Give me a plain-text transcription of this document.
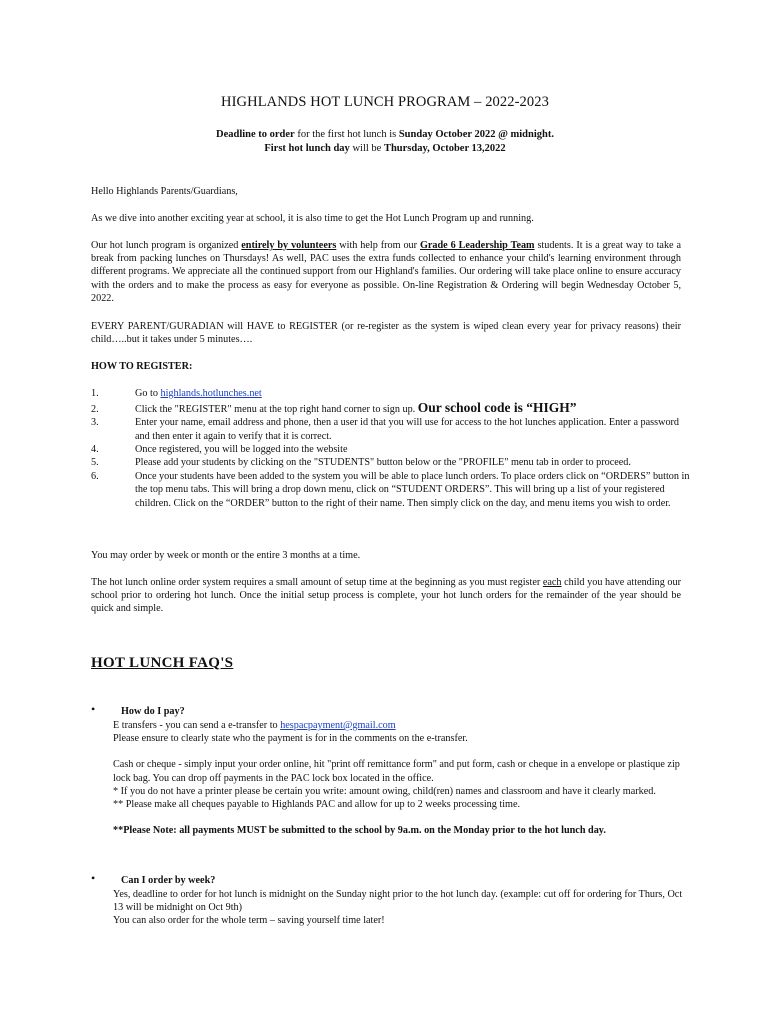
HIGHLANDS HOT LUNCH PROGRAM – 2022-2023
Deadline to order for the first hot lunch is Sunday October 2022 @ midnight.
First hot lunch day will be Thursday, October 13,2022
Hello Highlands Parents/Guardians,
As we dive into another exciting year at school, it is also time to get the Hot Lunch Program up and running.
Our hot lunch program is organized entirely by volunteers with help from our Grade 6 Leadership Team students. It is a great way to take a break from packing lunches on Thursdays! As well, PAC uses the extra funds collected to enhance your child's learning environment through different programs. We appreciate all the continued support from our Highland's families. Our ordering will take place online to ensure accuracy with the orders and to make the process as easy for everyone as possible. On-line Registration & Ordering will begin Wednesday October 5, 2022.
EVERY PARENT/GURADIAN will HAVE to REGISTER (or re-register as the system is wiped clean every year for privacy reasons) their child…..but it takes under 5 minutes….
HOW TO REGISTER:
1.	Go to highlands.hotlunches.net
2.	Click the "REGISTER" menu at the top right hand corner to sign up. Our school code is “HIGH”
3.	Enter your name, email address and phone, then a user id that you will use for access to the hot lunches application. Enter a password and then enter it again to verify that it is correct.
4.	Once registered, you will be logged into the website
5.	Please add your students by clicking on the "STUDENTS" button below or the "PROFILE" menu tab in order to proceed.
6.	Once your students have been added to the system you will be able to place lunch orders. To place orders click on “ORDERS” button in the top menu tabs. This will bring a drop down menu, click on “STUDENT ORDERS”. This will bring up a list of your registered children. Click on the “ORDER” button to the right of their name. Then simply click on the day, and menu items you wish to order.
You may order by week or month or the entire 3 months at a time.
The hot lunch online order system requires a small amount of setup time at the beginning as you must register each child you have attending our school prior to ordering hot lunch. Once the initial setup process is complete, your hot lunch orders for the remainder of the year should be quick and simple.
HOT LUNCH FAQ'S
•	How do I pay?
E transfers - you can send a e-transfer to hespacpayment@gmail.com
Please ensure to clearly state who the payment is for in the comments on the e-transfer.
Cash or cheque - simply input your order online, hit "print off remittance form" and put form, cash or cheque in a envelope or plastique zip lock bag. You can drop off payments in the PAC lock box located in the office.
* If you do not have a printer please be certain you write: amount owing, child(ren) names and classroom and have it clearly marked.
** Please make all cheques payable to Highlands PAC and allow for up to 2 weeks processing time.
**Please Note: all payments MUST be submitted to the school by 9a.m. on the Monday prior to the hot lunch day.
•	Can I order by week?
Yes, deadline to order for hot lunch is midnight on the Sunday night prior to the hot lunch day. (example: cut off for ordering for Thurs, Oct 13 will be midnight on Oct 9th)
You can also order for the whole term – saving yourself time later!
